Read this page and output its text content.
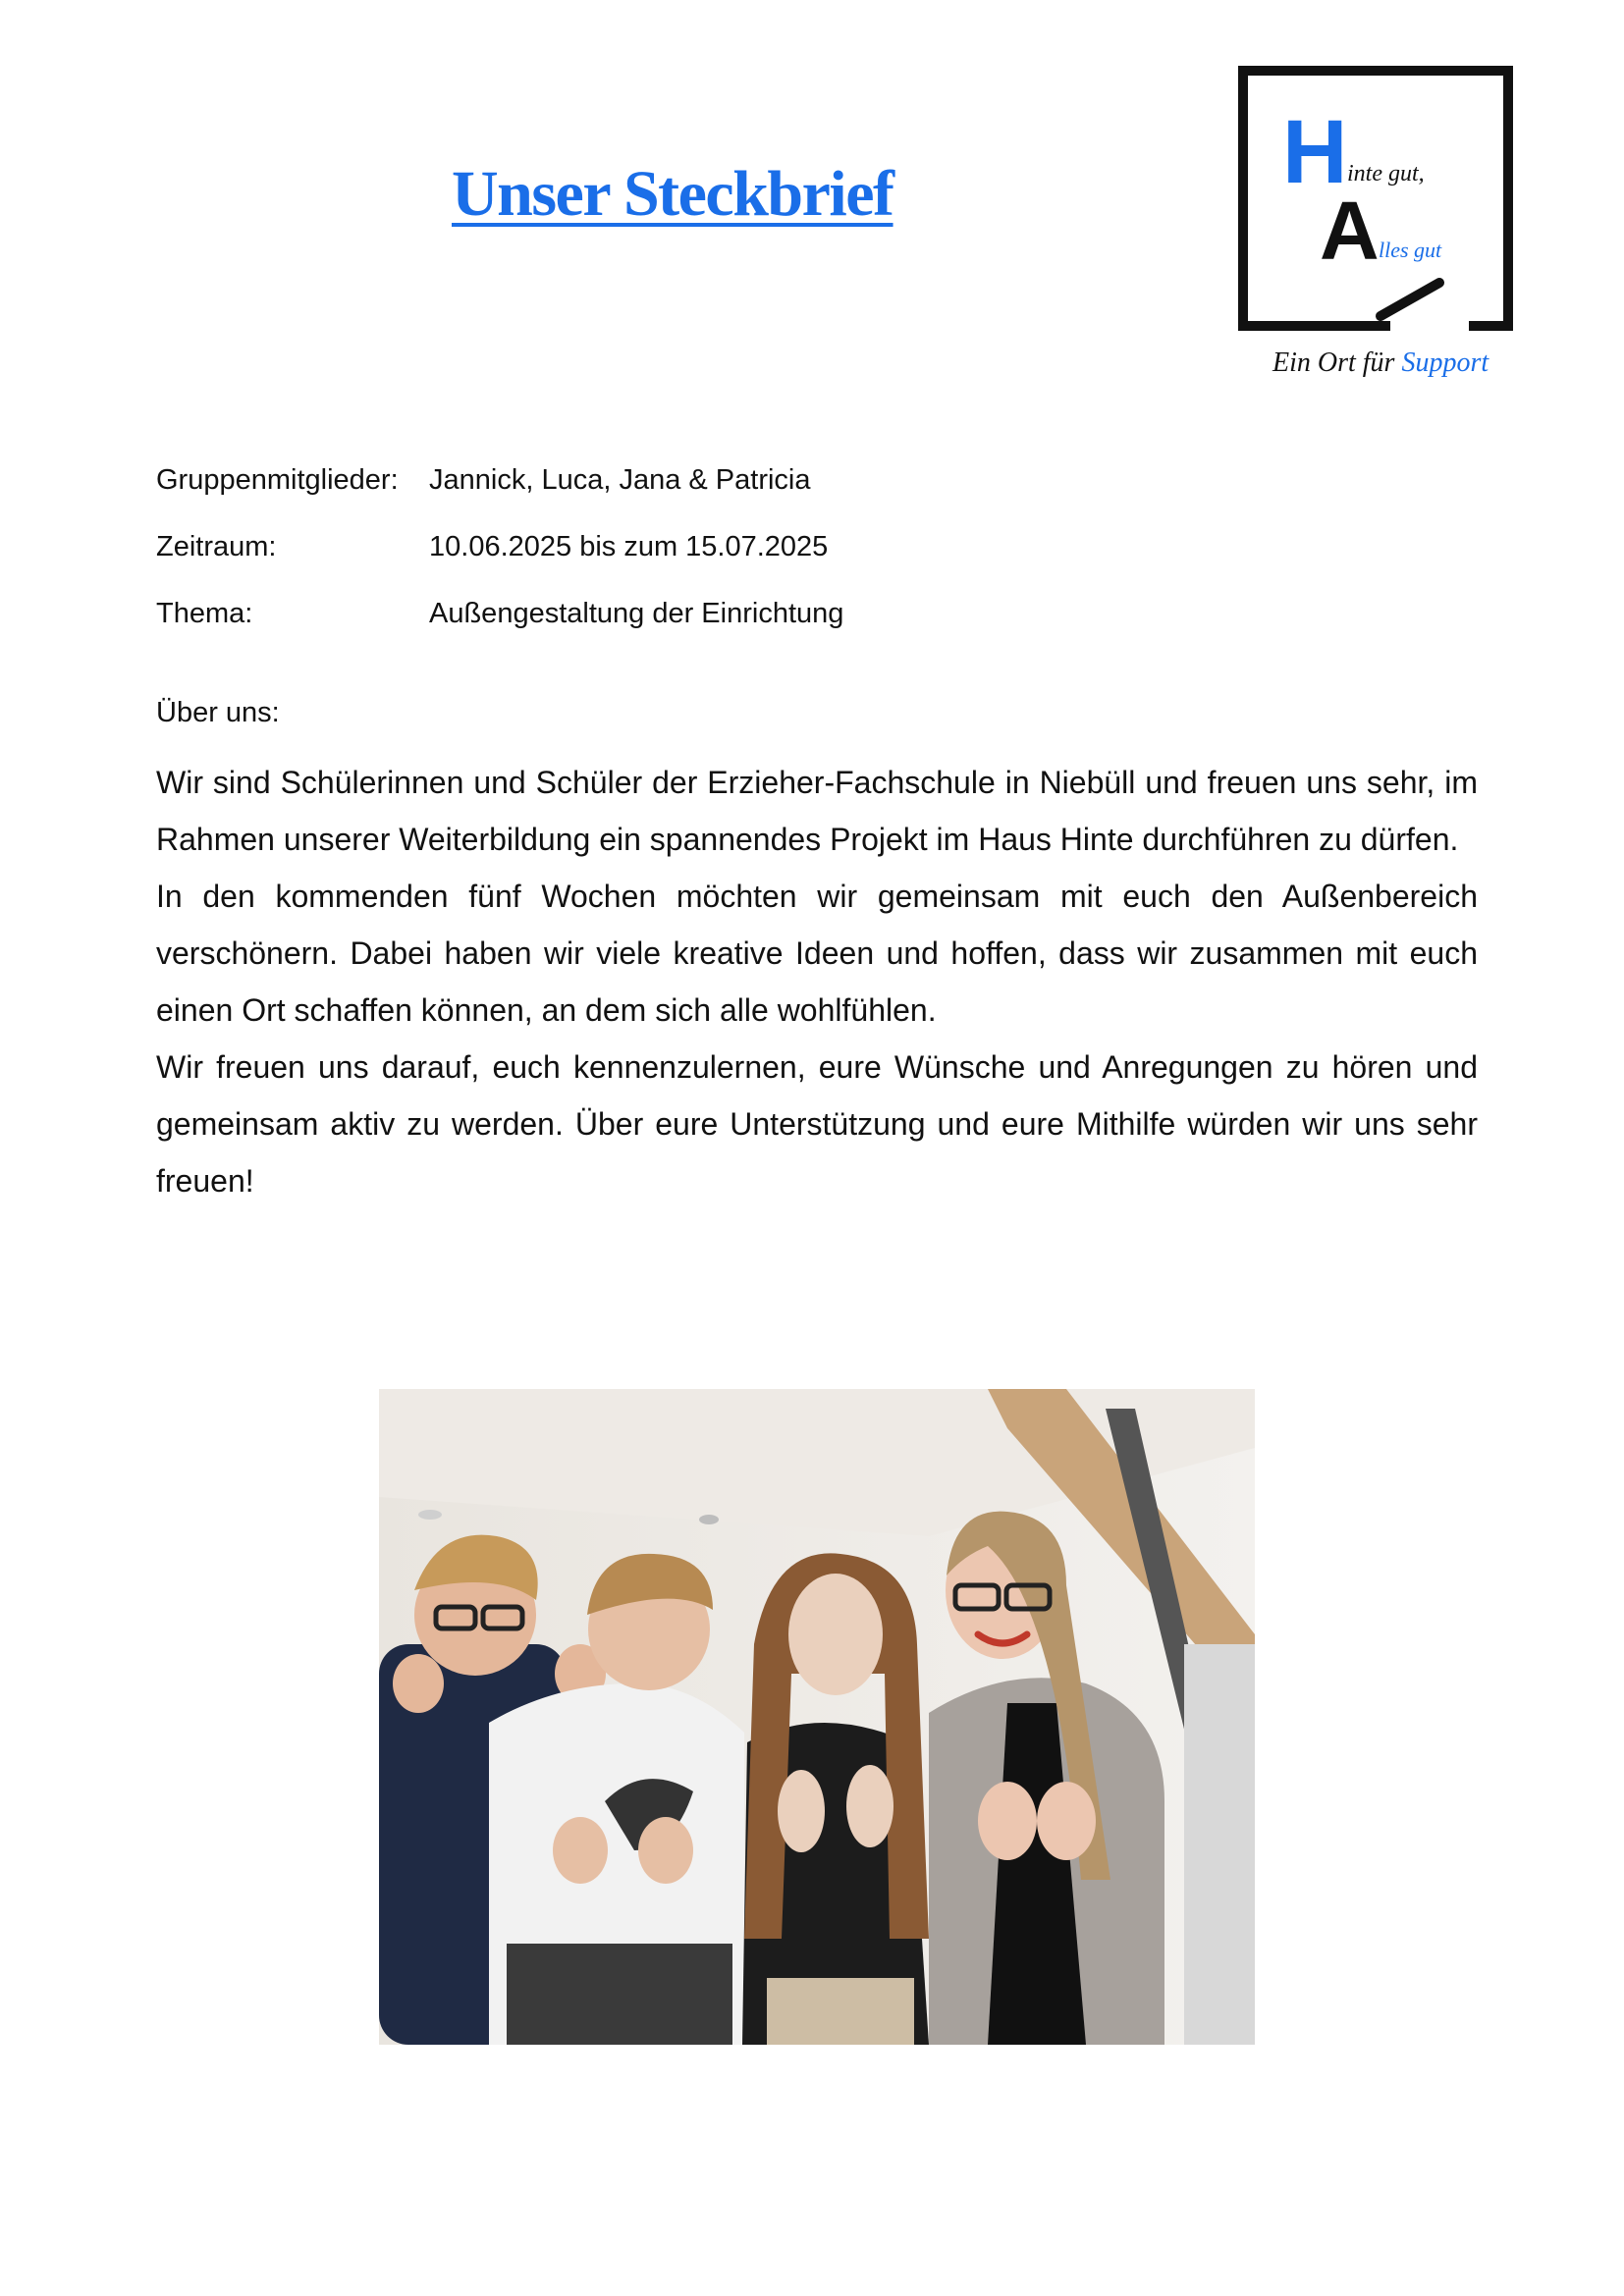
Unser Steckbrief	H inte gut,
A lles gut
Ein Ort für Support
Gruppenmitglieder: Jannick, Luca, Jana & Patricia
Zeitraum:	10.06.2025 bis zum 15.07.2025
Thema:	Außengestaltung der Einrichtung
Über uns:

Wir sind Schülerinnen und Schüler der Erzieher-Fachschule in Niebüll und freuen uns sehr, im Rahmen unserer Weiterbildung ein spannendes Projekt im Haus Hinte durchführen zu dürfen.

In den kommenden fünf Wochen möchten wir gemeinsam mit euch den Außenbereich verschönern. Dabei haben wir viele kreative Ideen und hoffen, dass wir zusammen mit euch einen Ort schaffen können, an dem sich alle wohlfühlen.

Wir freuen uns darauf, euch kennenzulernen, eure Wünsche und Anregungen zu hören und gemeinsam aktiv zu werden. Über eure Unterstützung und eure Mithilfe würden wir uns sehr freuen!
